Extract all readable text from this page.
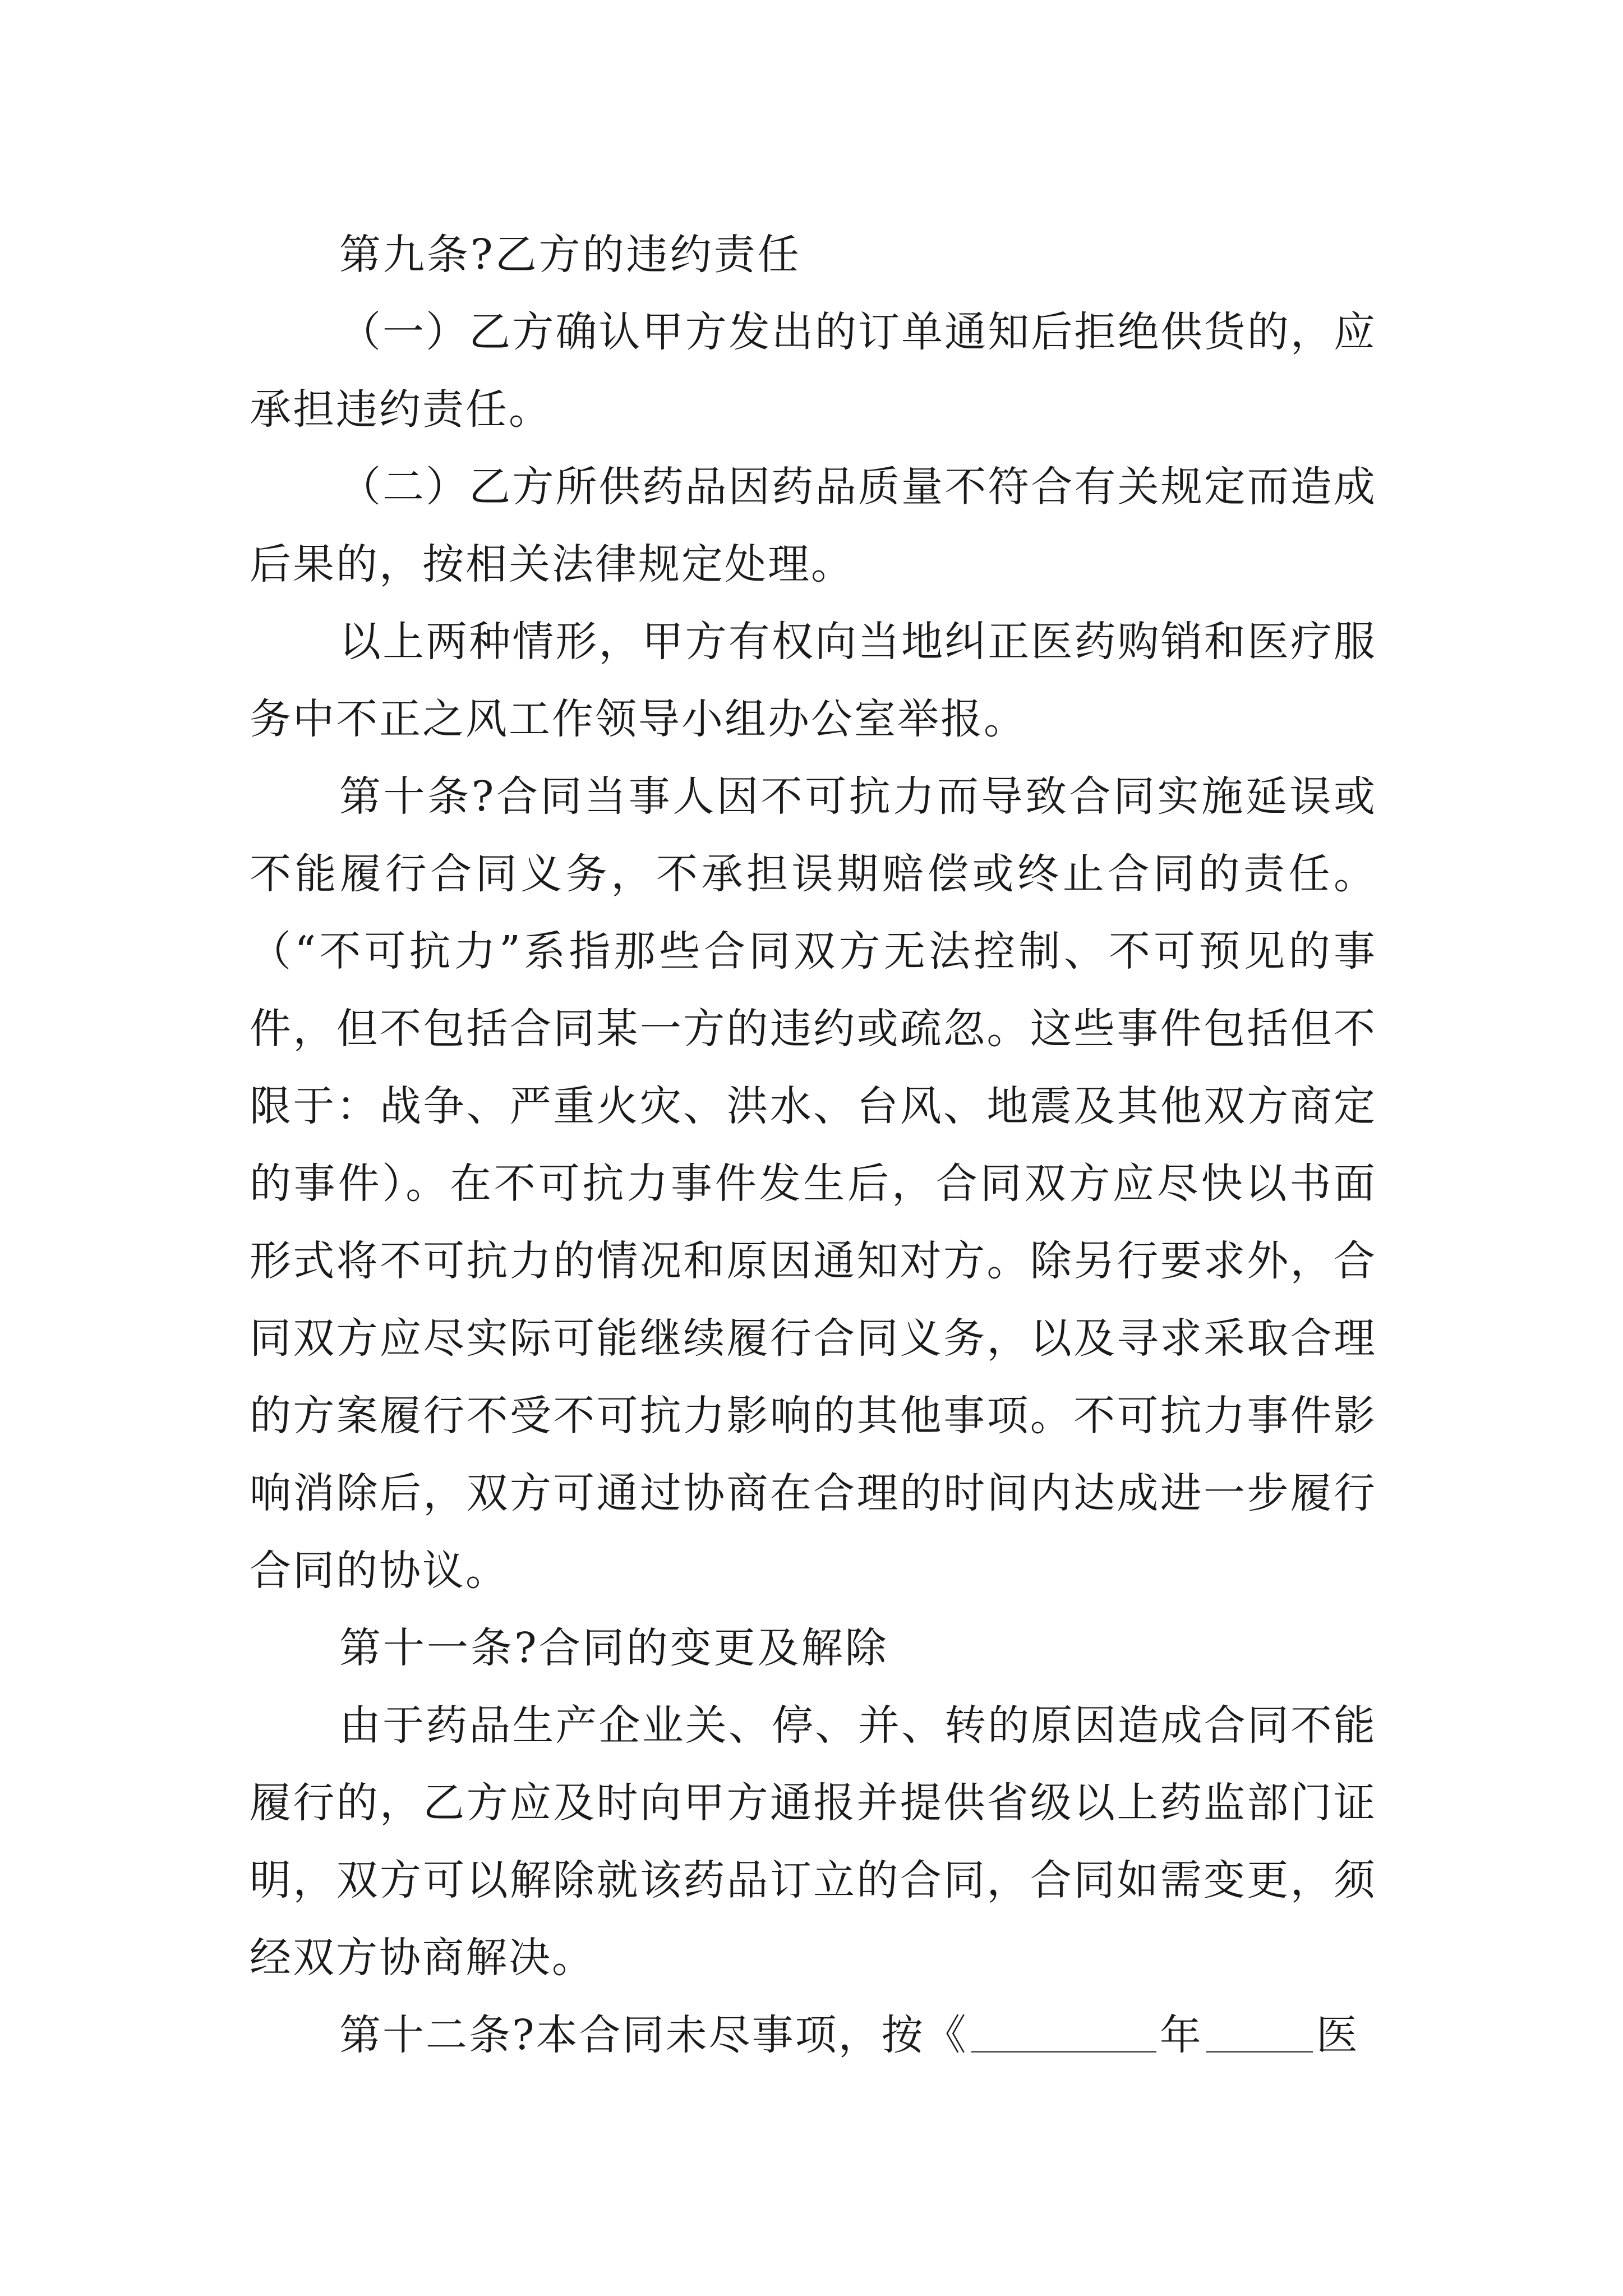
第九条?乙方的违约责任

（一）乙方确认甲方发出的订单通知后拒绝供货的，应承担违约责任。

（二）乙方所供药品因药品质量不符合有关规定而造成后果的，按相关法律规定处理。

以上两种情形，甲方有权向当地纠正医药购销和医疗服务中不正之风工作领导小组办公室举报。

第十条?合同当事人因不可抗力而导致合同实施延误或不能履行合同义务，不承担误期赔偿或终止合同的责任。（“不可抗力”系指那些合同双方无法控制、不可预见的事件，但不包括合同某一方的违约或疏忽。这些事件包括但不限于：战争、严重火灾、洪水、台风、地震及其他双方商定的事件）。在不可抗力事件发生后，合同双方应尽快以书面形式将不可抗力的情况和原因通知对方。除另行要求外，合同双方应尽实际可能继续履行合同义务，以及寻求采取合理的方案履行不受不可抗力影响的其他事项。不可抗力事件影响消除后，双方可通过协商在合理的时间内达成进一步履行合同的协议。

第十一条?合同的变更及解除

由于药品生产企业关、停、并、转的原因造成合同不能履行的，乙方应及时向甲方通报并提供省级以上药监部门证明，双方可以解除就该药品订立的合同，合同如需变更，须经双方协商解决。

第十二条?本合同未尽事项，按《	年	医
